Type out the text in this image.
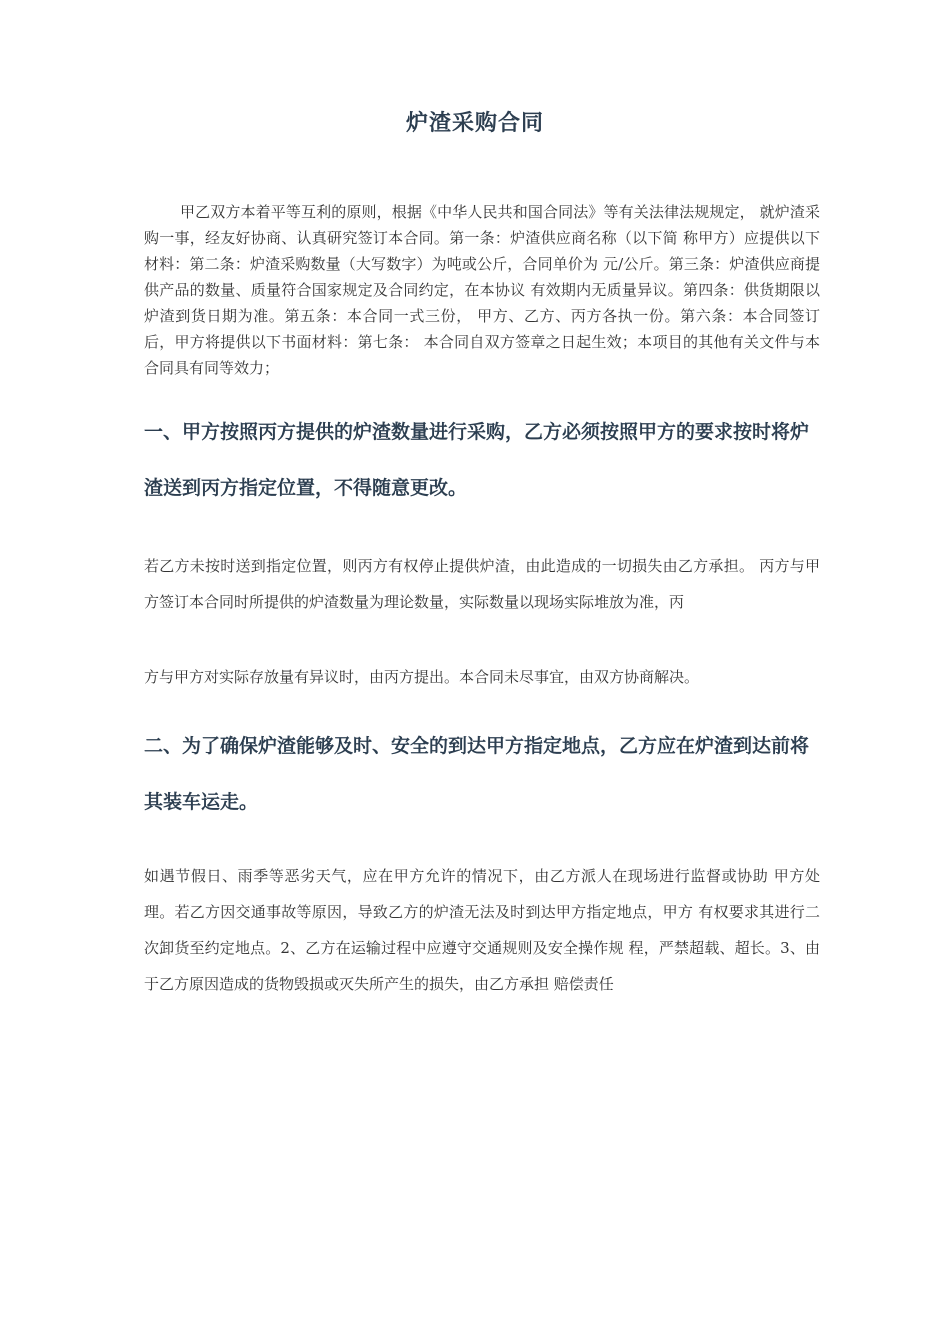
炉渣采购合同

甲乙双方本着平等互利的原则，根据《中华人民共和国合同法》等有关法律法规规定， 就炉渣采购一事，经友好协商、认真研究签订本合同。第一条：炉渣供应商名称（以下简 称甲方）应提供以下材料：第二条：炉渣采购数量（大写数字）为吨或公斤，合同单价为 元/公斤。第三条：炉渣供应商提供产品的数量、质量符合国家规定及合同约定，在本协议 有效期内无质量异议。第四条：供货期限以炉渣到货日期为准。第五条：本合同一式三份， 甲方、乙方、丙方各执一份。第六条：本合同签订后，甲方将提供以下书面材料：第七条： 本合同自双方签章之日起生效；本项目的其他有关文件与本合同具有同等效力；

一、甲方按照丙方提供的炉渣数量进行采购，乙方必须按照甲方的要求按时将炉渣送到丙方指定位置，不得随意更改。

若乙方未按时送到指定位置，则丙方有权停止提供炉渣，由此造成的一切损失由乙方承担。 丙方与甲方签订本合同时所提供的炉渣数量为理论数量，实际数量以现场实际堆放为准，丙

方与甲方对实际存放量有异议时，由丙方提出。本合同未尽事宜，由双方协商解决。

二、为了确保炉渣能够及时、安全的到达甲方指定地点，乙方应在炉渣到达前将其装车运走。

如遇节假日、雨季等恶劣天气，应在甲方允许的情况下，由乙方派人在现场进行监督或协助 甲方处理。若乙方因交通事故等原因，导致乙方的炉渣无法及时到达甲方指定地点，甲方 有权要求其进行二次卸货至约定地点。2、乙方在运输过程中应遵守交通规则及安全操作规 程，严禁超载、超长。3、由于乙方原因造成的货物毁损或灭失所产生的损失，由乙方承担 赔偿责任
